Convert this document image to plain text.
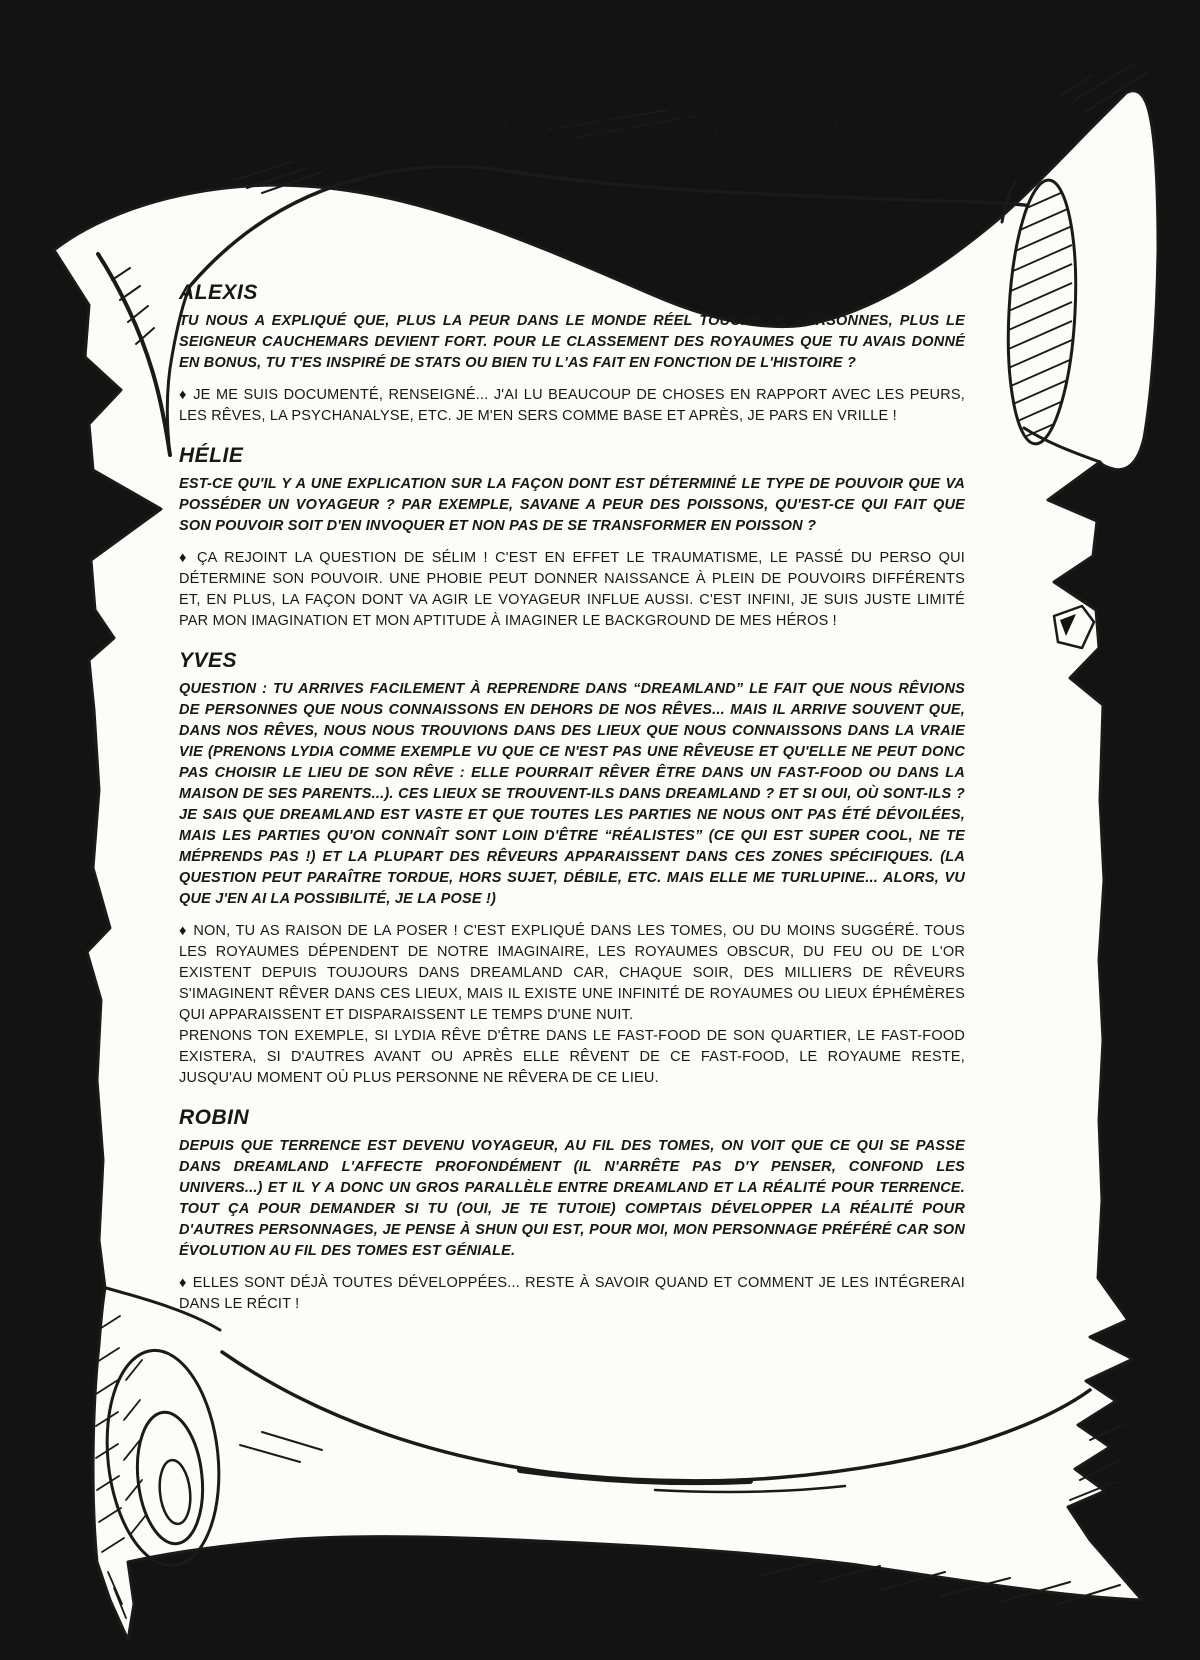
L'INTERVIEW DES LECTEURS
ALEXIS

TU NOUS A EXPLIQUÉ QUE, PLUS LA PEUR DANS LE MONDE RÉEL TOUCHE DE PERSONNES, PLUS LE SEIGNEUR CAUCHEMARS DEVIENT FORT. POUR LE CLASSEMENT DES ROYAUMES QUE TU AVAIS DONNÉ EN BONUS, TU T'ES INSPIRÉ DE STATS OU BIEN TU L'AS FAIT EN FONCTION DE L'HISTOIRE ?

♦ JE ME SUIS DOCUMENTÉ, RENSEIGNÉ... J'AI LU BEAUCOUP DE CHOSES EN RAPPORT AVEC LES PEURS, LES RÊVES, LA PSYCHANALYSE, ETC. JE M'EN SERS COMME BASE ET APRÈS, JE PARS EN VRILLE !

HÉLIE

EST-CE QU'IL Y A UNE EXPLICATION SUR LA FAÇON DONT EST DÉTERMINÉ LE TYPE DE POUVOIR QUE VA POSSÉDER UN VOYAGEUR ? PAR EXEMPLE, SAVANE A PEUR DES POISSONS, QU'EST-CE QUI FAIT QUE SON POUVOIR SOIT D'EN INVOQUER ET NON PAS DE SE TRANSFORMER EN POISSON ?

♦ ÇA REJOINT LA QUESTION DE SÉLIM ! C'EST EN EFFET LE TRAUMATISME, LE PASSÉ DU PERSO QUI DÉTERMINE SON POUVOIR. UNE PHOBIE PEUT DONNER NAISSANCE À PLEIN DE POUVOIRS DIFFÉRENTS ET, EN PLUS, LA FAÇON DONT VA AGIR LE VOYAGEUR INFLUE AUSSI. C'EST INFINI, JE SUIS JUSTE LIMITÉ PAR MON IMAGINATION ET MON APTITUDE À IMAGINER LE BACKGROUND DE MES HÉROS !

YVES

QUESTION : TU ARRIVES FACILEMENT À REPRENDRE DANS “DREAMLAND” LE FAIT QUE NOUS RÊVIONS DE PERSONNES QUE NOUS CONNAISSONS EN DEHORS DE NOS RÊVES... MAIS IL ARRIVE SOUVENT QUE, DANS NOS RÊVES, NOUS NOUS TROUVIONS DANS DES LIEUX QUE NOUS CONNAISSONS DANS LA VRAIE VIE (PRENONS LYDIA COMME EXEMPLE VU QUE CE N'EST PAS UNE RÊVEUSE ET QU'ELLE NE PEUT DONC PAS CHOISIR LE LIEU DE SON RÊVE : ELLE POURRAIT RÊVER ÊTRE DANS UN FAST-FOOD OU DANS LA MAISON DE SES PARENTS...). CES LIEUX SE TROUVENT-ILS DANS DREAMLAND ? ET SI OUI, OÙ SONT-ILS ? JE SAIS QUE DREAMLAND EST VASTE ET QUE TOUTES LES PARTIES NE NOUS ONT PAS ÉTÉ DÉVOILÉES, MAIS LES PARTIES QU'ON CONNAÎT SONT LOIN D'ÊTRE “RÉALISTES” (CE QUI EST SUPER COOL, NE TE MÉPRENDS PAS !) ET LA PLUPART DES RÊVEURS APPARAISSENT DANS CES ZONES SPÉCIFIQUES. (LA QUESTION PEUT PARAÎTRE TORDUE, HORS SUJET, DÉBILE, ETC. MAIS ELLE ME TURLUPINE... ALORS, VU QUE J'EN AI LA POSSIBILITÉ, JE LA POSE !)

♦ NON, TU AS RAISON DE LA POSER ! C'EST EXPLIQUÉ DANS LES TOMES, OU DU MOINS SUGGÉRÉ. TOUS LES ROYAUMES DÉPENDENT DE NOTRE IMAGINAIRE, LES ROYAUMES OBSCUR, DU FEU OU DE L'OR EXISTENT DEPUIS TOUJOURS DANS DREAMLAND CAR, CHAQUE SOIR, DES MILLIERS DE RÊVEURS S'IMAGINENT RÊVER DANS CES LIEUX, MAIS IL EXISTE UNE INFINITÉ DE ROYAUMES OU LIEUX ÉPHÉMÈRES QUI APPARAISSENT ET DISPARAISSENT LE TEMPS D'UNE NUIT.

PRENONS TON EXEMPLE, SI LYDIA RÊVE D'ÊTRE DANS LE FAST-FOOD DE SON QUARTIER, LE FAST-FOOD EXISTERA, SI D'AUTRES AVANT OU APRÈS ELLE RÊVENT DE CE FAST-FOOD, LE ROYAUME RESTE, JUSQU'AU MOMENT OÙ PLUS PERSONNE NE RÊVERA DE CE LIEU.

ROBIN

DEPUIS QUE TERRENCE EST DEVENU VOYAGEUR, AU FIL DES TOMES, ON VOIT QUE CE QUI SE PASSE DANS DREAMLAND L'AFFECTE PROFONDÉMENT (IL N'ARRÊTE PAS D'Y PENSER, CONFOND LES UNIVERS...) ET IL Y A DONC UN GROS PARALLÈLE ENTRE DREAMLAND ET LA RÉALITÉ POUR TERRENCE. TOUT ÇA POUR DEMANDER SI TU (OUI, JE TE TUTOIE) COMPTAIS DÉVELOPPER LA RÉALITÉ POUR D'AUTRES PERSONNAGES, JE PENSE À SHUN QUI EST, POUR MOI, MON PERSONNAGE PRÉFÉRÉ CAR SON ÉVOLUTION AU FIL DES TOMES EST GÉNIALE.

♦ ELLES SONT DÉJÀ TOUTES DÉVELOPPÉES... RESTE À SAVOIR QUAND ET COMMENT JE LES INTÉGRERAI DANS LE RÉCIT !
